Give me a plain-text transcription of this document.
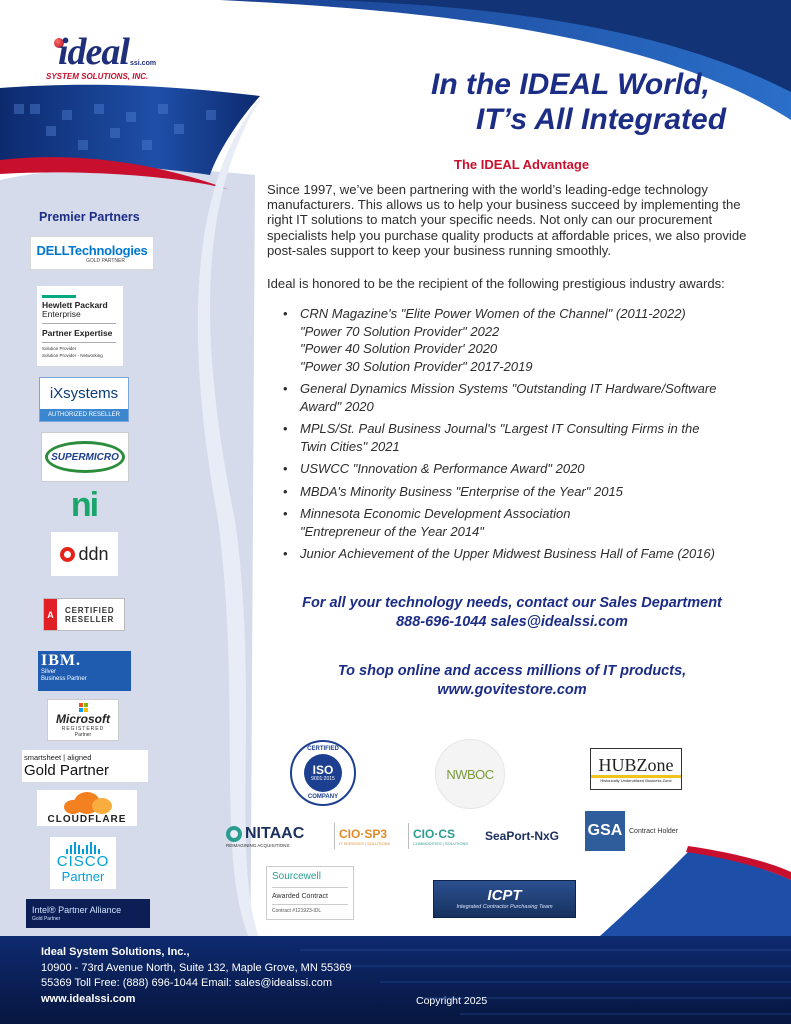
ideal ssi.com
SYSTEM SOLUTIONS, INC.	In the IDEAL World,
IT’s All Integrated
The IDEAL Advantage

Since 1997, we’ve been partnering with the world’s leading-edge technology manufacturers. This allows us to help your business succeed by implementing the right IT solutions to match your specific needs. Not only can our procurement specialists help you purchase quality products at affordable prices, we also provide post-sales support to keep your business running smoothly.

Ideal is honored to be the recipient of the following prestigious industry awards:

• CRN Magazine's "Elite Power Women of the Channel" (2011-2022)
"Power 70 Solution Provider" 2022
"Power 40 Solution Provider' 2020
"Power 30 Solution Provider" 2017-2019
• General Dynamics Mission Systems "Outstanding IT Hardware/Software
Award" 2020
• MPLS/St. Paul Business Journal's "Largest IT Consulting Firms in the
Twin Cities" 2021
• USWCC "Innovation & Performance Award" 2020
• MBDA's Minority Business "Enterprise of the Year" 2015
• Minnesota Economic Development Association
"Entrepreneur of the Year 2014"
• Junior Achievement of the Upper Midwest Business Hall of Fame (2016)
For all your technology needs, contact our Sales Department
888-696-1044 sales@idealssi.com
To shop online and access millions of IT products,
www.govitestore.com
Premier Partners
DELLTechnologies
GOLD PARTNER
Hewlett Packard
Enterprise
Partner Expertise
Solution Provider
Solution Provider - Networking
iXsystems
AUTHORIZED RESELLER
SUPERMICRO
ni
ddn
A	CERTIFIED
RESELLER
IBM.
Silver
Business Partner
Microsoft
REGISTERED
Partner
smartsheet | aligned
Gold Partner
CLOUDFLARE
CISCO
Partner
Intel® Partner Alliance
Gold Partner
CERTIFIED
ISO
9001:2015
COMPANY
NWBOC	HUBZone
Historically Underutilized Business Zone
NITAAC
REIMAGINING ACQUISITIONS
CIO·SP3
IT SERVICES | SOLUTIONS
CIO·CS
COMMODITIES | SOLUTIONS SeaPort-NxG GSA Contract Holder
Sourcewell
Awarded Contract
Contract #121923-IDL
ICPT
Integrated Contractor Purchasing Team
Ideal System Solutions, Inc.,
10900 - 73rd Avenue North, Suite 132, Maple Grove, MN 55369
55369 Toll Free: (888) 696-1044 Email: sales@idealssi.com
www.idealssi.com	Copyright 2025
